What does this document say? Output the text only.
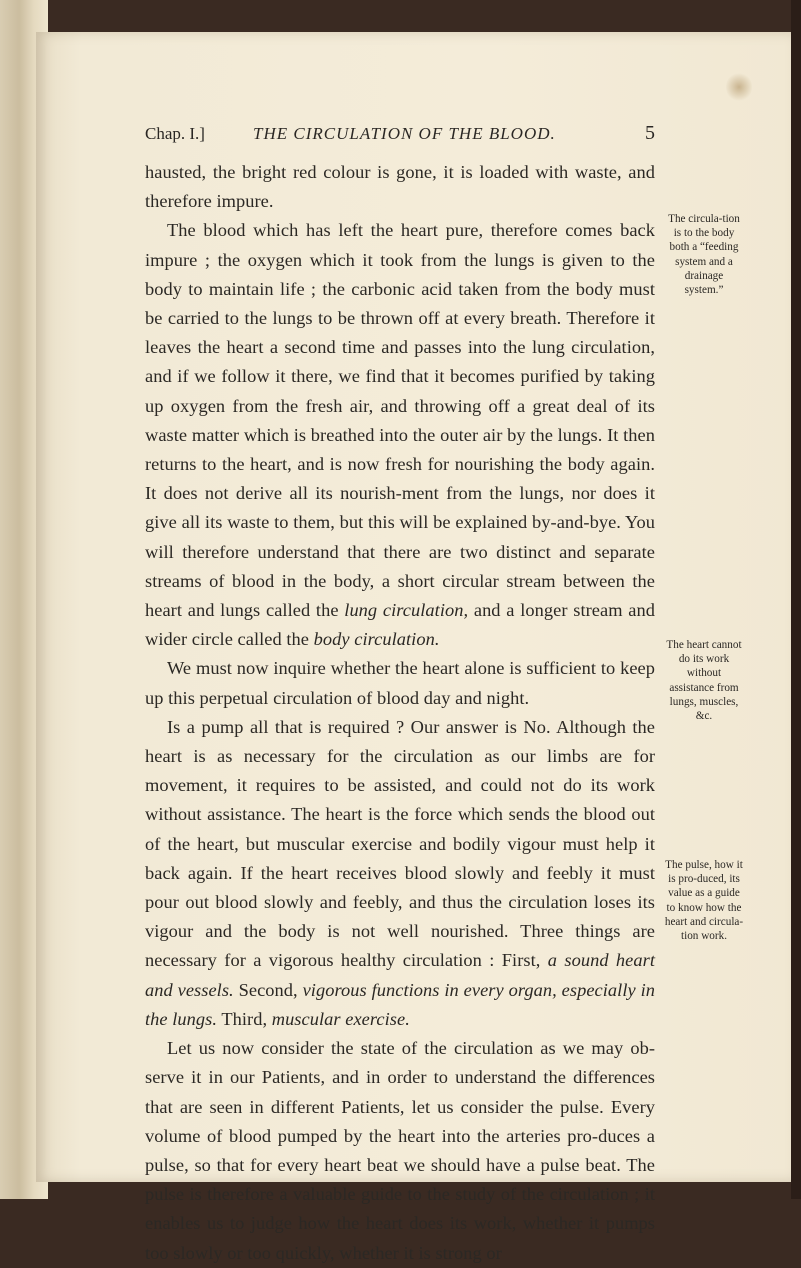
Chap. I.]	THE CIRCULATION OF THE BLOOD.	5

hausted, the bright red colour is gone, it is loaded with waste, and therefore impure.

The blood which has left the heart pure, therefore comes back impure ; the oxygen which it took from the lungs is given to the body to maintain life ; the carbonic acid taken from the body must be carried to the lungs to be thrown off at every breath. Therefore it leaves the heart a second time and passes into the lung circulation, and if we follow it there, we find that it becomes purified by taking up oxygen from the fresh air, and throwing off a great deal of its waste matter which is breathed into the outer air by the lungs. It then returns to the heart, and is now fresh for nourishing the body again. It does not derive all its nourish-ment from the lungs, nor does it give all its waste to them, but this will be explained by-and-bye. You will therefore understand that there are two distinct and separate streams of blood in the body, a short circular stream between the heart and lungs called the lung circulation, and a longer stream and wider circle called the body circulation.

We must now inquire whether the heart alone is sufficient to keep up this perpetual circulation of blood day and night.

Is a pump all that is required ? Our answer is No. Although the heart is as necessary for the circulation as our limbs are for movement, it requires to be assisted, and could not do its work without assistance. The heart is the force which sends the blood out of the heart, but muscular exercise and bodily vigour must help it back again. If the heart receives blood slowly and feebly it must pour out blood slowly and feebly, and thus the circulation loses its vigour and the body is not well nourished. Three things are necessary for a vigorous healthy circulation : First, a sound heart and vessels. Second, vigorous functions in every organ, especially in the lungs. Third, muscular exercise.

Let us now consider the state of the circulation as we may ob-serve it in our Patients, and in order to understand the differences that are seen in different Patients, let us consider the pulse. Every volume of blood pumped by the heart into the arteries pro-duces a pulse, so that for every heart beat we should have a pulse beat. The pulse is therefore a valuable guide to the study of the circulation ; it enables us to judge how the heart does its work, whether it pumps too slowly or too quickly, whether it is strong or

The circula-tion is to the body both a “feeding system and a drainage system.”
The heart cannot do its work without assistance from lungs, muscles, &c.
The pulse, how it is pro-duced, its value as a guide to know how the heart and circula-tion work.
